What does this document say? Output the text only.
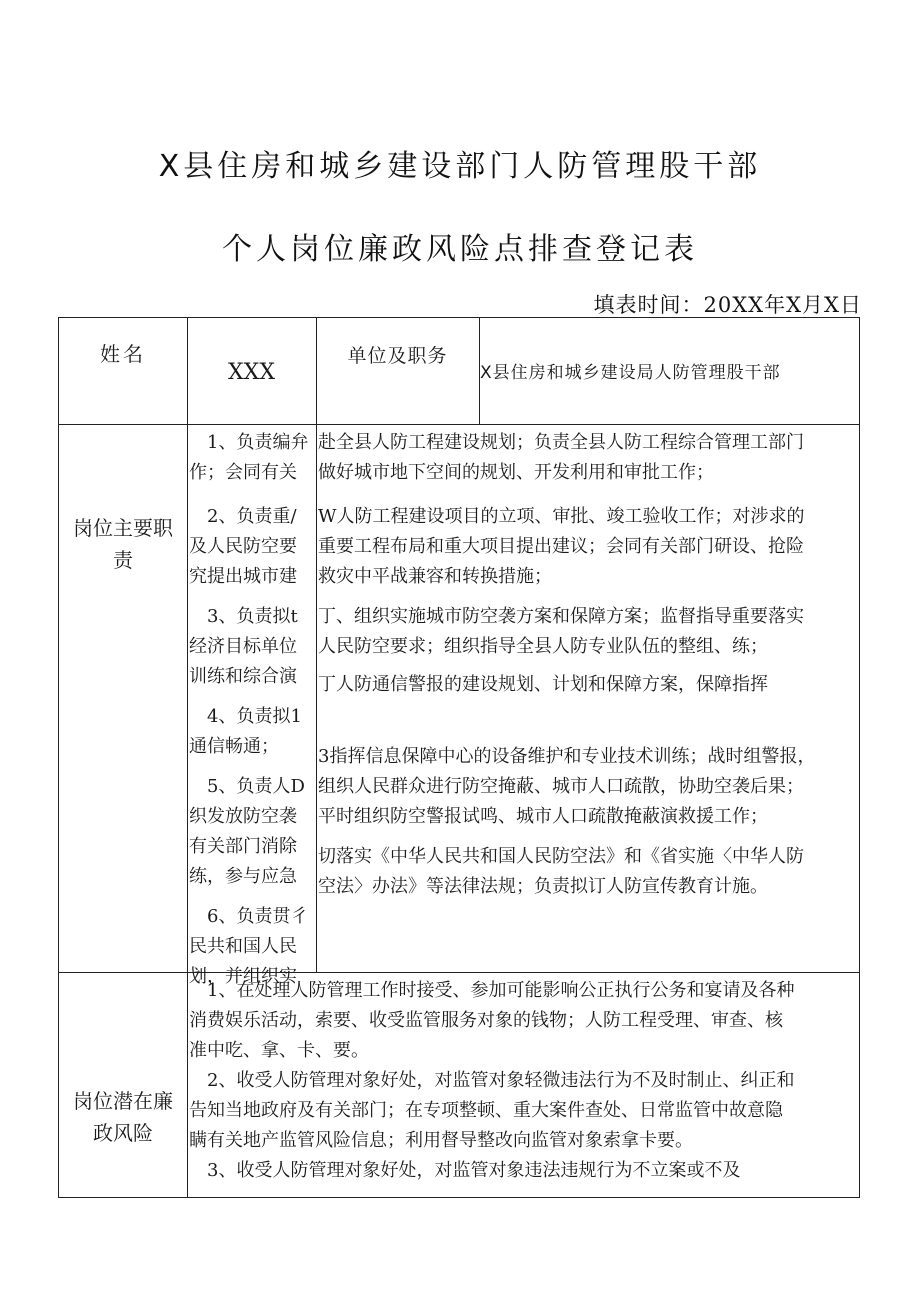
X县住房和城乡建设部门人防管理股干部
个人岗位廉政风险点排查登记表
填表时间：20XX年X月X日
姓名
XXX
单位及职务
X县住房和城乡建设局人防管理股干部
岗位主要职
责
1、负责编弁
作；会同有关
2、负责重/
及人民防空要
究提出城市建
3、负责拟t
经济目标单位
训练和综合演
4、负责拟1
通信畅通；
5、负责人D
织发放防空袭
有关部门消除
练，参与应急
6、负责贯彳
民共和国人民
划，并组织实
赴全县人防工程建设规划；负责全县人防工程综合管理工部门
做好城市地下空间的规划、开发利用和审批工作；
W人防工程建设项目的立项、审批、竣工验收工作；对涉求的
重要工程布局和重大项目提出建议；会同有关部门研设、抢险
救灾中平战兼容和转换措施；
丁、组织实施城市防空袭方案和保障方案；监督指导重要落实
人民防空要求；组织指导全县人防专业队伍的整组、练；
丁人防通信警报的建设规划、计划和保障方案，保障指挥
3指挥信息保障中心的设备维护和专业技术训练；战时组警报，
组织人民群众进行防空掩蔽、城市人口疏散，协助空袭后果；
平时组织防空警报试鸣、城市人口疏散掩蔽演救援工作；
切落实《中华人民共和国人民防空法》和《省实施〈中华人防
空法〉办法》等法律法规；负责拟订人防宣传教育计施。
岗位潜在廉
政风险
1、在处理人防管理工作时接受、参加可能影响公正执行公务和宴请及各种
消费娱乐活动，索要、收受监管服务对象的钱物；人防工程受理、审查、核
准中吃、拿、卡、要。
2、收受人防管理对象好处，对监管对象轻微违法行为不及时制止、纠正和
告知当地政府及有关部门；在专项整顿、重大案件查处、日常监管中故意隐
瞒有关地产监管风险信息；利用督导整改向监管对象索拿卡要。
3、收受人防管理对象好处，对监管对象违法违规行为不立案或不及
